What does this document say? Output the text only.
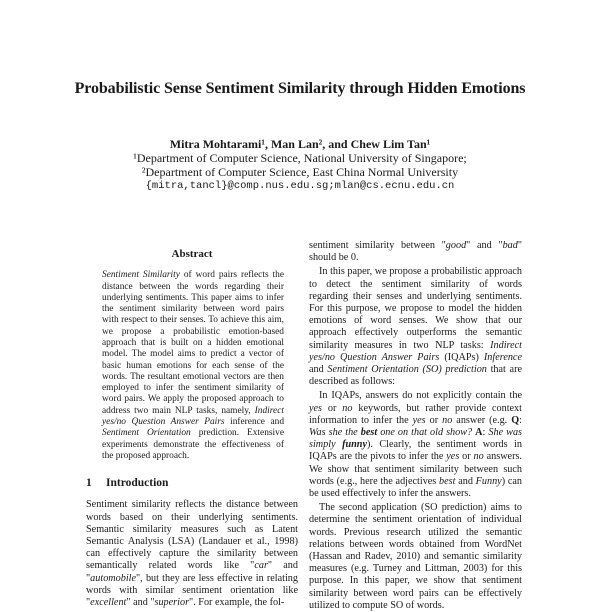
Probabilistic Sense Sentiment Similarity through Hidden Emotions
Mitra Mohtarami¹, Man Lan², and Chew Lim Tan¹
¹Department of Computer Science, National University of Singapore;
²Department of Computer Science, East China Normal University
{mitra,tancl}@comp.nus.edu.sg;mlan@cs.ecnu.edu.cn
Abstract

Sentiment Similarity of word pairs reflects the distance between the words regarding their underlying sentiments. This paper aims to infer the sentiment similarity between word pairs with respect to their senses. To achieve this aim, we propose a probabilistic emotion-based approach that is built on a hidden emotional model. The model aims to predict a vector of basic human emotions for each sense of the words. The resultant emotional vectors are then employed to infer the sentiment similarity of word pairs. We apply the proposed approach to address two main NLP tasks, namely, Indirect yes/no Question Answer Pairs inference and Sentiment Orientation prediction. Extensive experiments demonstrate the effectiveness of the proposed approach.

1 Introduction

Sentiment similarity reflects the distance between words based on their underlying sentiments. Semantic similarity measures such as Latent Semantic Analysis (LSA) (Landauer et al., 1998) can effectively capture the similarity between semantically related words like "car" and "automobile", but they are less effective in relating words with similar sentiment orientation like "excellent" and "superior". For example, the fol-

sentiment similarity between "good" and "bad" should be 0.

In this paper, we propose a probabilistic approach to detect the sentiment similarity of words regarding their senses and underlying sentiments. For this purpose, we propose to model the hidden emotions of word senses. We show that our approach effectively outperforms the semantic similarity measures in two NLP tasks: Indirect yes/no Question Answer Pairs (IQAPs) Inference and Sentiment Orientation (SO) prediction that are described as follows:

In IQAPs, answers do not explicitly contain the yes or no keywords, but rather provide context information to infer the yes or no answer (e.g. Q: Was she the best one on that old show? A: She was simply funny). Clearly, the sentiment words in IQAPs are the pivots to infer the yes or no answers. We show that sentiment similarity between such words (e.g., here the adjectives best and Funny) can be used effectively to infer the answers.

The second application (SO prediction) aims to determine the sentiment orientation of individual words. Previous research utilized the semantic relations between words obtained from WordNet (Hassan and Radev, 2010) and semantic similarity measures (e.g. Turney and Littman, 2003) for this purpose. In this paper, we show that sentiment similarity between word pairs can be effectively utilized to compute SO of words.
